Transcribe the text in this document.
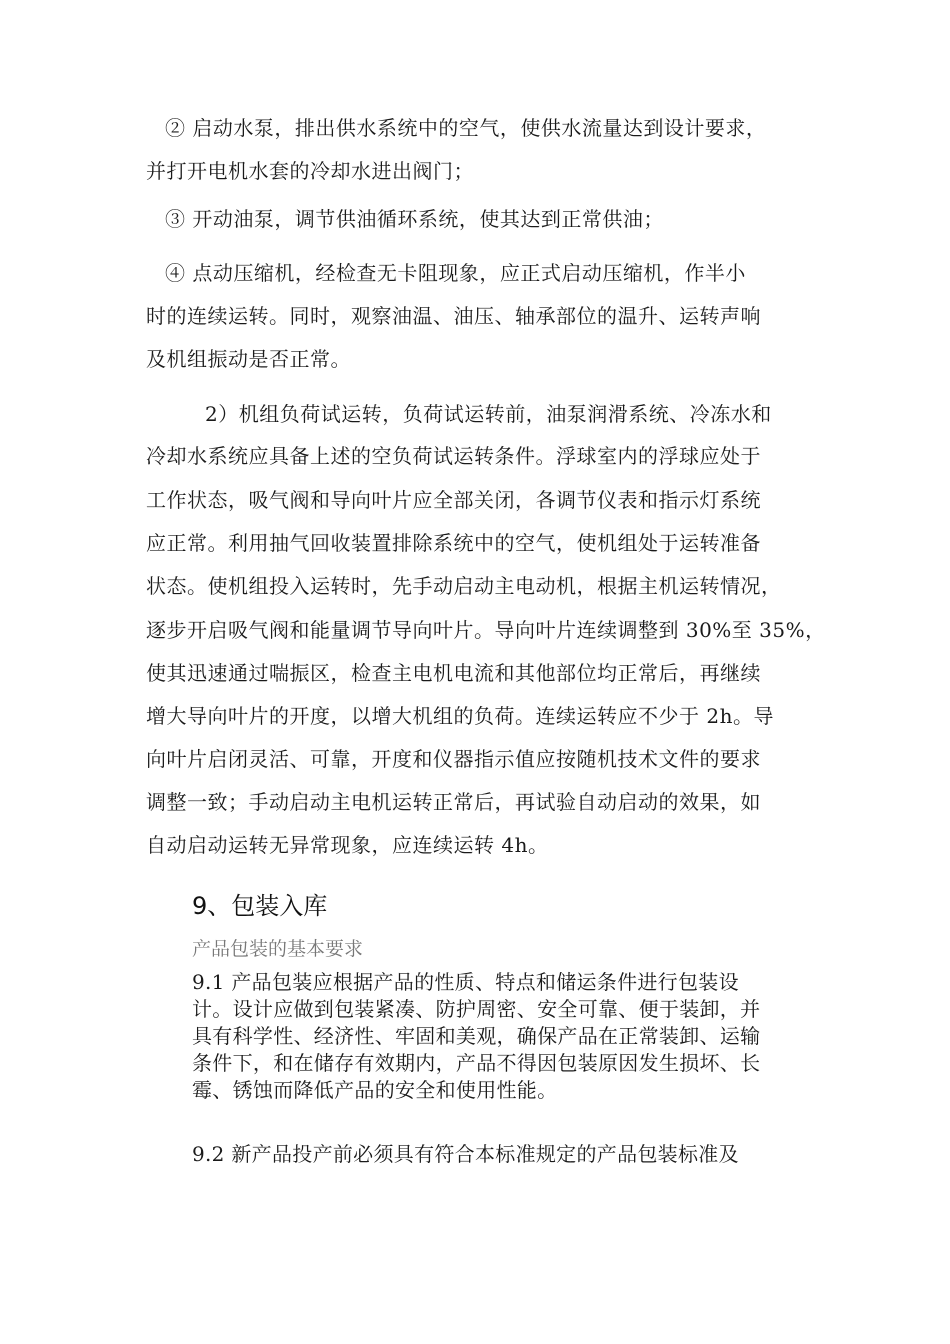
② 启动水泵，排出供水系统中的空气，使供水流量达到设计要求，
并打开电机水套的冷却水进出阀门；
③ 开动油泵，调节供油循环系统，使其达到正常供油；
④ 点动压缩机，经检查无卡阻现象，应正式启动压缩机，作半小
时的连续运转。同时，观察油温、油压、轴承部位的温升、运转声响
及机组振动是否正常。
2）机组负荷试运转，负荷试运转前，油泵润滑系统、冷冻水和
冷却水系统应具备上述的空负荷试运转条件。浮球室内的浮球应处于
工作状态，吸气阀和导向叶片应全部关闭，各调节仪表和指示灯系统
应正常。利用抽气回收装置排除系统中的空气，使机组处于运转准备
状态。使机组投入运转时，先手动启动主电动机，根据主机运转情况，
逐步开启吸气阀和能量调节导向叶片。导向叶片连续调整到 30%至 35%，
使其迅速通过喘振区，检查主电机电流和其他部位均正常后，再继续
增大导向叶片的开度，以增大机组的负荷。连续运转应不少于 2h。导
向叶片启闭灵活、可靠，开度和仪器指示值应按随机技术文件的要求
调整一致；手动启动主电机运转正常后，再试验自动启动的效果，如
自动启动运转无异常现象，应连续运转 4h。
9、包装入库
产品包装的基本要求
9.1 产品包装应根据产品的性质、特点和储运条件进行包装设
计。设计应做到包装紧凑、防护周密、安全可靠、便于装卸，并
具有科学性、经济性、牢固和美观，确保产品在正常装卸、运输
条件下，和在储存有效期内，产品不得因包装原因发生损坏、长
霉、锈蚀而降低产品的安全和使用性能。
9.2 新产品投产前必须具有符合本标准规定的产品包装标准及
